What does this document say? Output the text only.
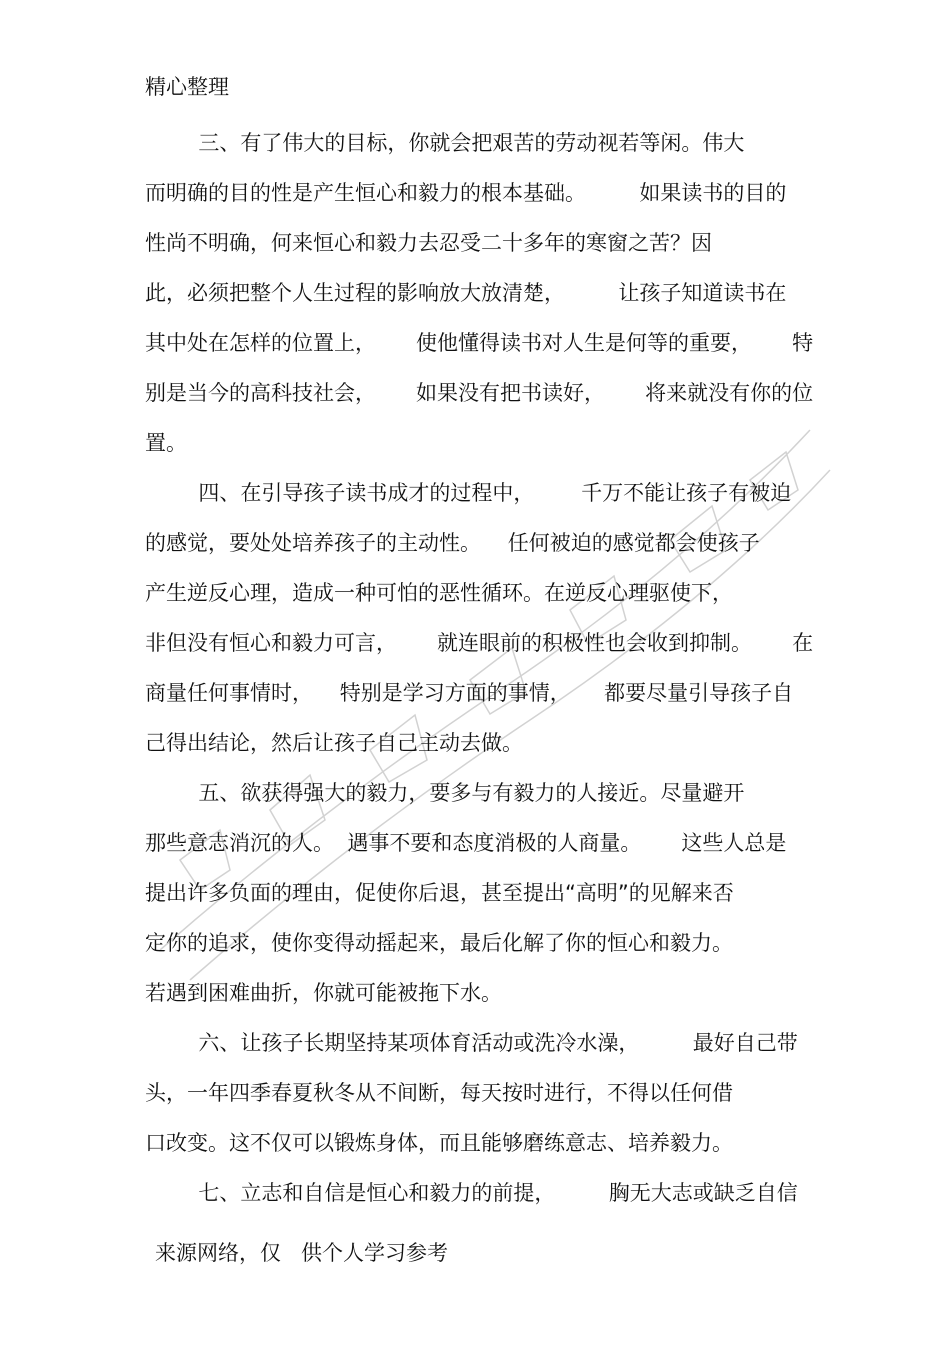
精心整理
三、有了伟大的目标，你就会把艰苦的劳动视若等闲。伟大
而明确的目的性是产生恒心和毅力的根本基础。        如果读书的目的
性尚不明确，何来恒心和毅力去忍受二十多年的寒窗之苦？因
此，必须把整个人生过程的影响放大放清楚，        让孩子知道读书在
其中处在怎样的位置上，      使他懂得读书对人生是何等的重要，      特
别是当今的高科技社会，      如果没有把书读好，      将来就没有你的位
置。
四、在引导孩子读书成才的过程中，       千万不能让孩子有被迫
的感觉，要处处培养孩子的主动性。    任何被迫的感觉都会使孩子
产生逆反心理，造成一种可怕的恶性循环。在逆反心理驱使下，
非但没有恒心和毅力可言，      就连眼前的积极性也会收到抑制。      在
商量任何事情时，    特别是学习方面的事情，     都要尽量引导孩子自
己得出结论，然后让孩子自己主动去做。
五、欲获得强大的毅力，要多与有毅力的人接近。尽量避开
那些意志消沉的人。  遇事不要和态度消极的人商量。      这些人总是
提出许多负面的理由，促使你后退，甚至提出“高明”的见解来否
定你的追求，使你变得动摇起来，最后化解了你的恒心和毅力。
若遇到困难曲折，你就可能被拖下水。
六、让孩子长期坚持某项体育活动或洗冷水澡，        最好自己带
头，一年四季春夏秋冬从不间断，每天按时进行，不得以任何借
口改变。这不仅可以锻炼身体，而且能够磨练意志、培养毅力。
七、立志和自信是恒心和毅力的前提，        胸无大志或缺乏自信
来源网络，仅   供个人学习参考
